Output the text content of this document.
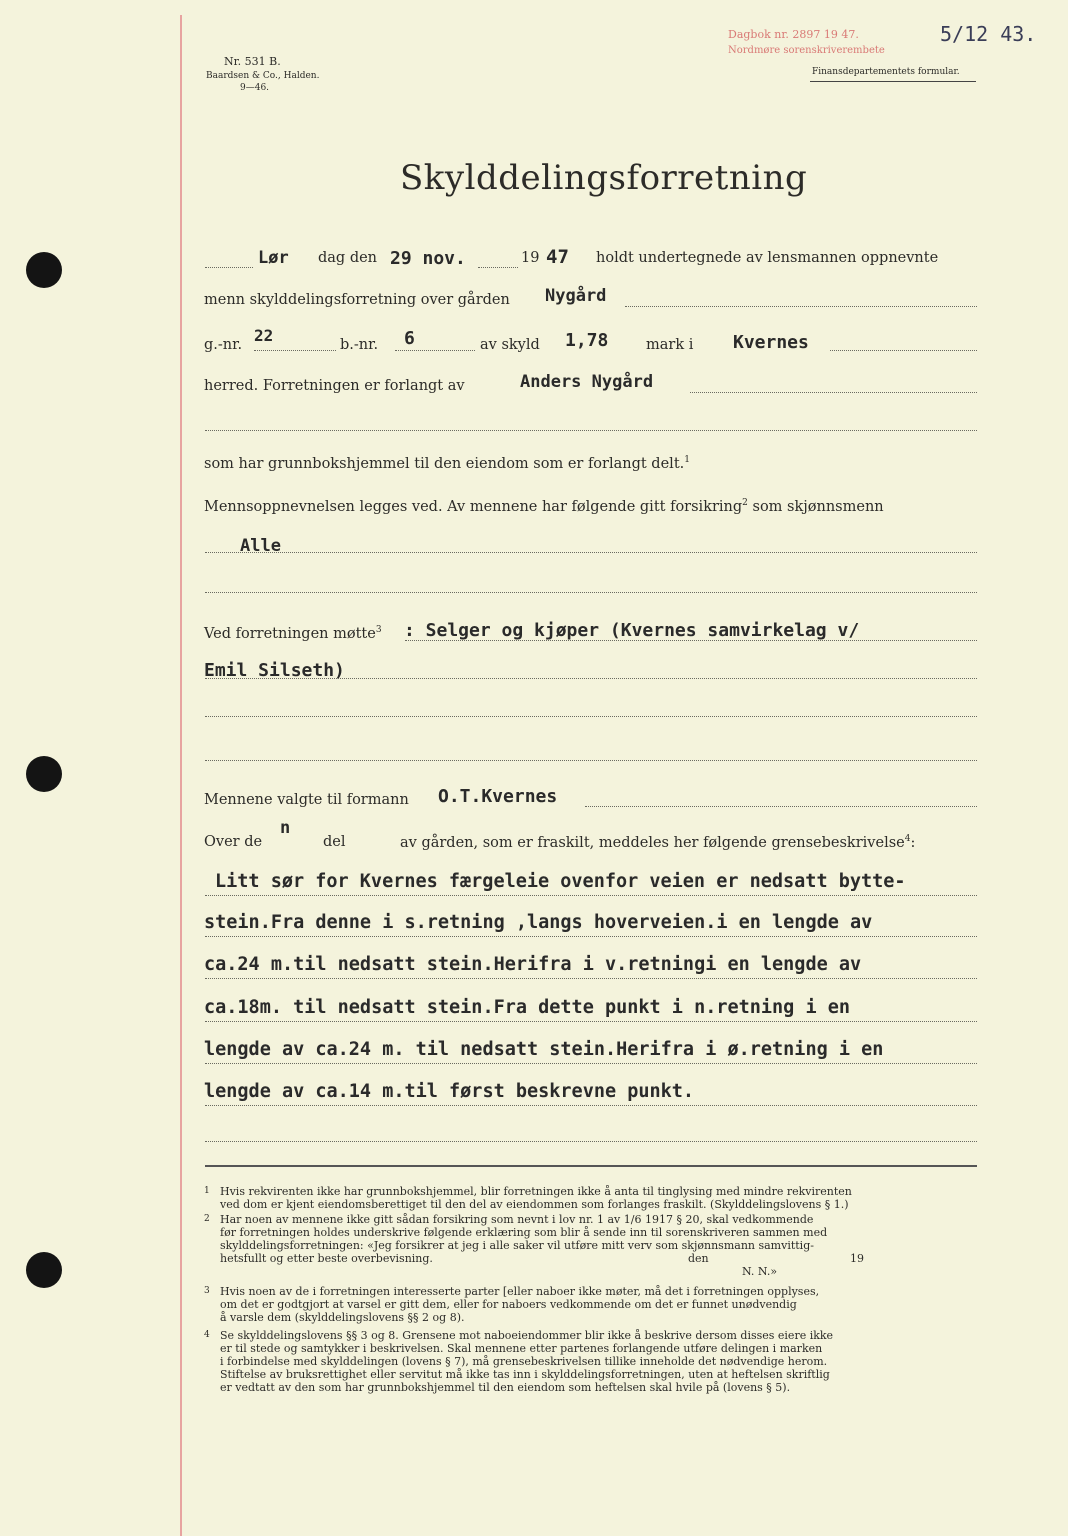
Nr. 531 B.
Baardsen & Co., Halden.
9—46.
Dagbok nr. 2897 19 47.
Nordmøre sorenskriverembete
5/12 43.
Finansdepartementets formular.
Skylddelingsforretning
Lør dag den 29 nov.	19 47 holdt undertegnede av lensmannen oppnevnte
menn skylddelingsforretning over gården Nygård
g.-nr. 22	b.-nr. 6	av skyld 1,78	mark i Kvernes
herred. Forretningen er forlangt av	Anders Nygård
som har grunnbokshjemmel til den eiendom som er forlangt delt.$^1$
Mennsoppnevnelsen legges ved. Av mennene har følgende gitt forsikring$^2$ som skjønnsmenn
Alle
Ved forretningen møtte$^3$ : Selger og kjøper (Kvernes samvirkelag v/
Emil Silseth)
Mennene valgte til formann O.T.Kvernes
Over de
n
del	av gården, som er fraskilt, meddeles her følgende grensebeskrivelse$^4$:
Litt sør for Kvernes færgeleie ovenfor veien er nedsatt bytte-
stein.Fra denne i s.retning ,langs hoverveien.i en lengde av
ca.24 m.til nedsatt stein.Herifra i v.retningi en lengde av
ca.18m. til nedsatt stein.Fra dette punkt i n.retning i en
lengde av ca.24 m. til nedsatt stein.Herifra i ø.retning i en
lengde av ca.14 m.til først beskrevne punkt.
1 Hvis rekvirenten ikke har grunnbokshjemmel, blir forretningen ikke å anta til tinglysing med mindre rekvirenten
ved dom er kjent eiendomsberettiget til den del av eiendommen som forlanges fraskilt. (Skylddelingslovens § 1.)
2 Har noen av mennene ikke gitt sådan forsikring som nevnt i lov nr. 1 av 1/6 1917 § 20, skal vedkommende
før forretningen holdes underskrive følgende erklæring som blir å sende inn til sorenskriveren sammen med
skylddelingsforretningen: «Jeg forsikrer at jeg i alle saker vil utføre mitt verv som skjønnsmann samvittig-
hetsfullt og etter beste overbevisning.	den	19
N. N.»
3 Hvis noen av de i forretningen interesserte parter [eller naboer ikke møter, må det i forretningen opplyses,
om det er godtgjort at varsel er gitt dem, eller for naboers vedkommende om det er funnet unødvendig
å varsle dem (skylddelingslovens §§ 2 og 8).
4 Se skylddelingslovens §§ 3 og 8. Grensene mot naboeiendommer blir ikke å beskrive dersom disses eiere ikke
er til stede og samtykker i beskrivelsen. Skal mennene etter partenes forlangende utføre delingen i marken
i forbindelse med skylddelingen (lovens § 7), må grensebeskrivelsen tillike inneholde det nødvendige herom.
Stiftelse av bruksrettighet eller servitut må ikke tas inn i skylddelingsforretningen, uten at heftelsen skriftlig
er vedtatt av den som har grunnbokshjemmel til den eiendom som heftelsen skal hvile på (lovens § 5).
